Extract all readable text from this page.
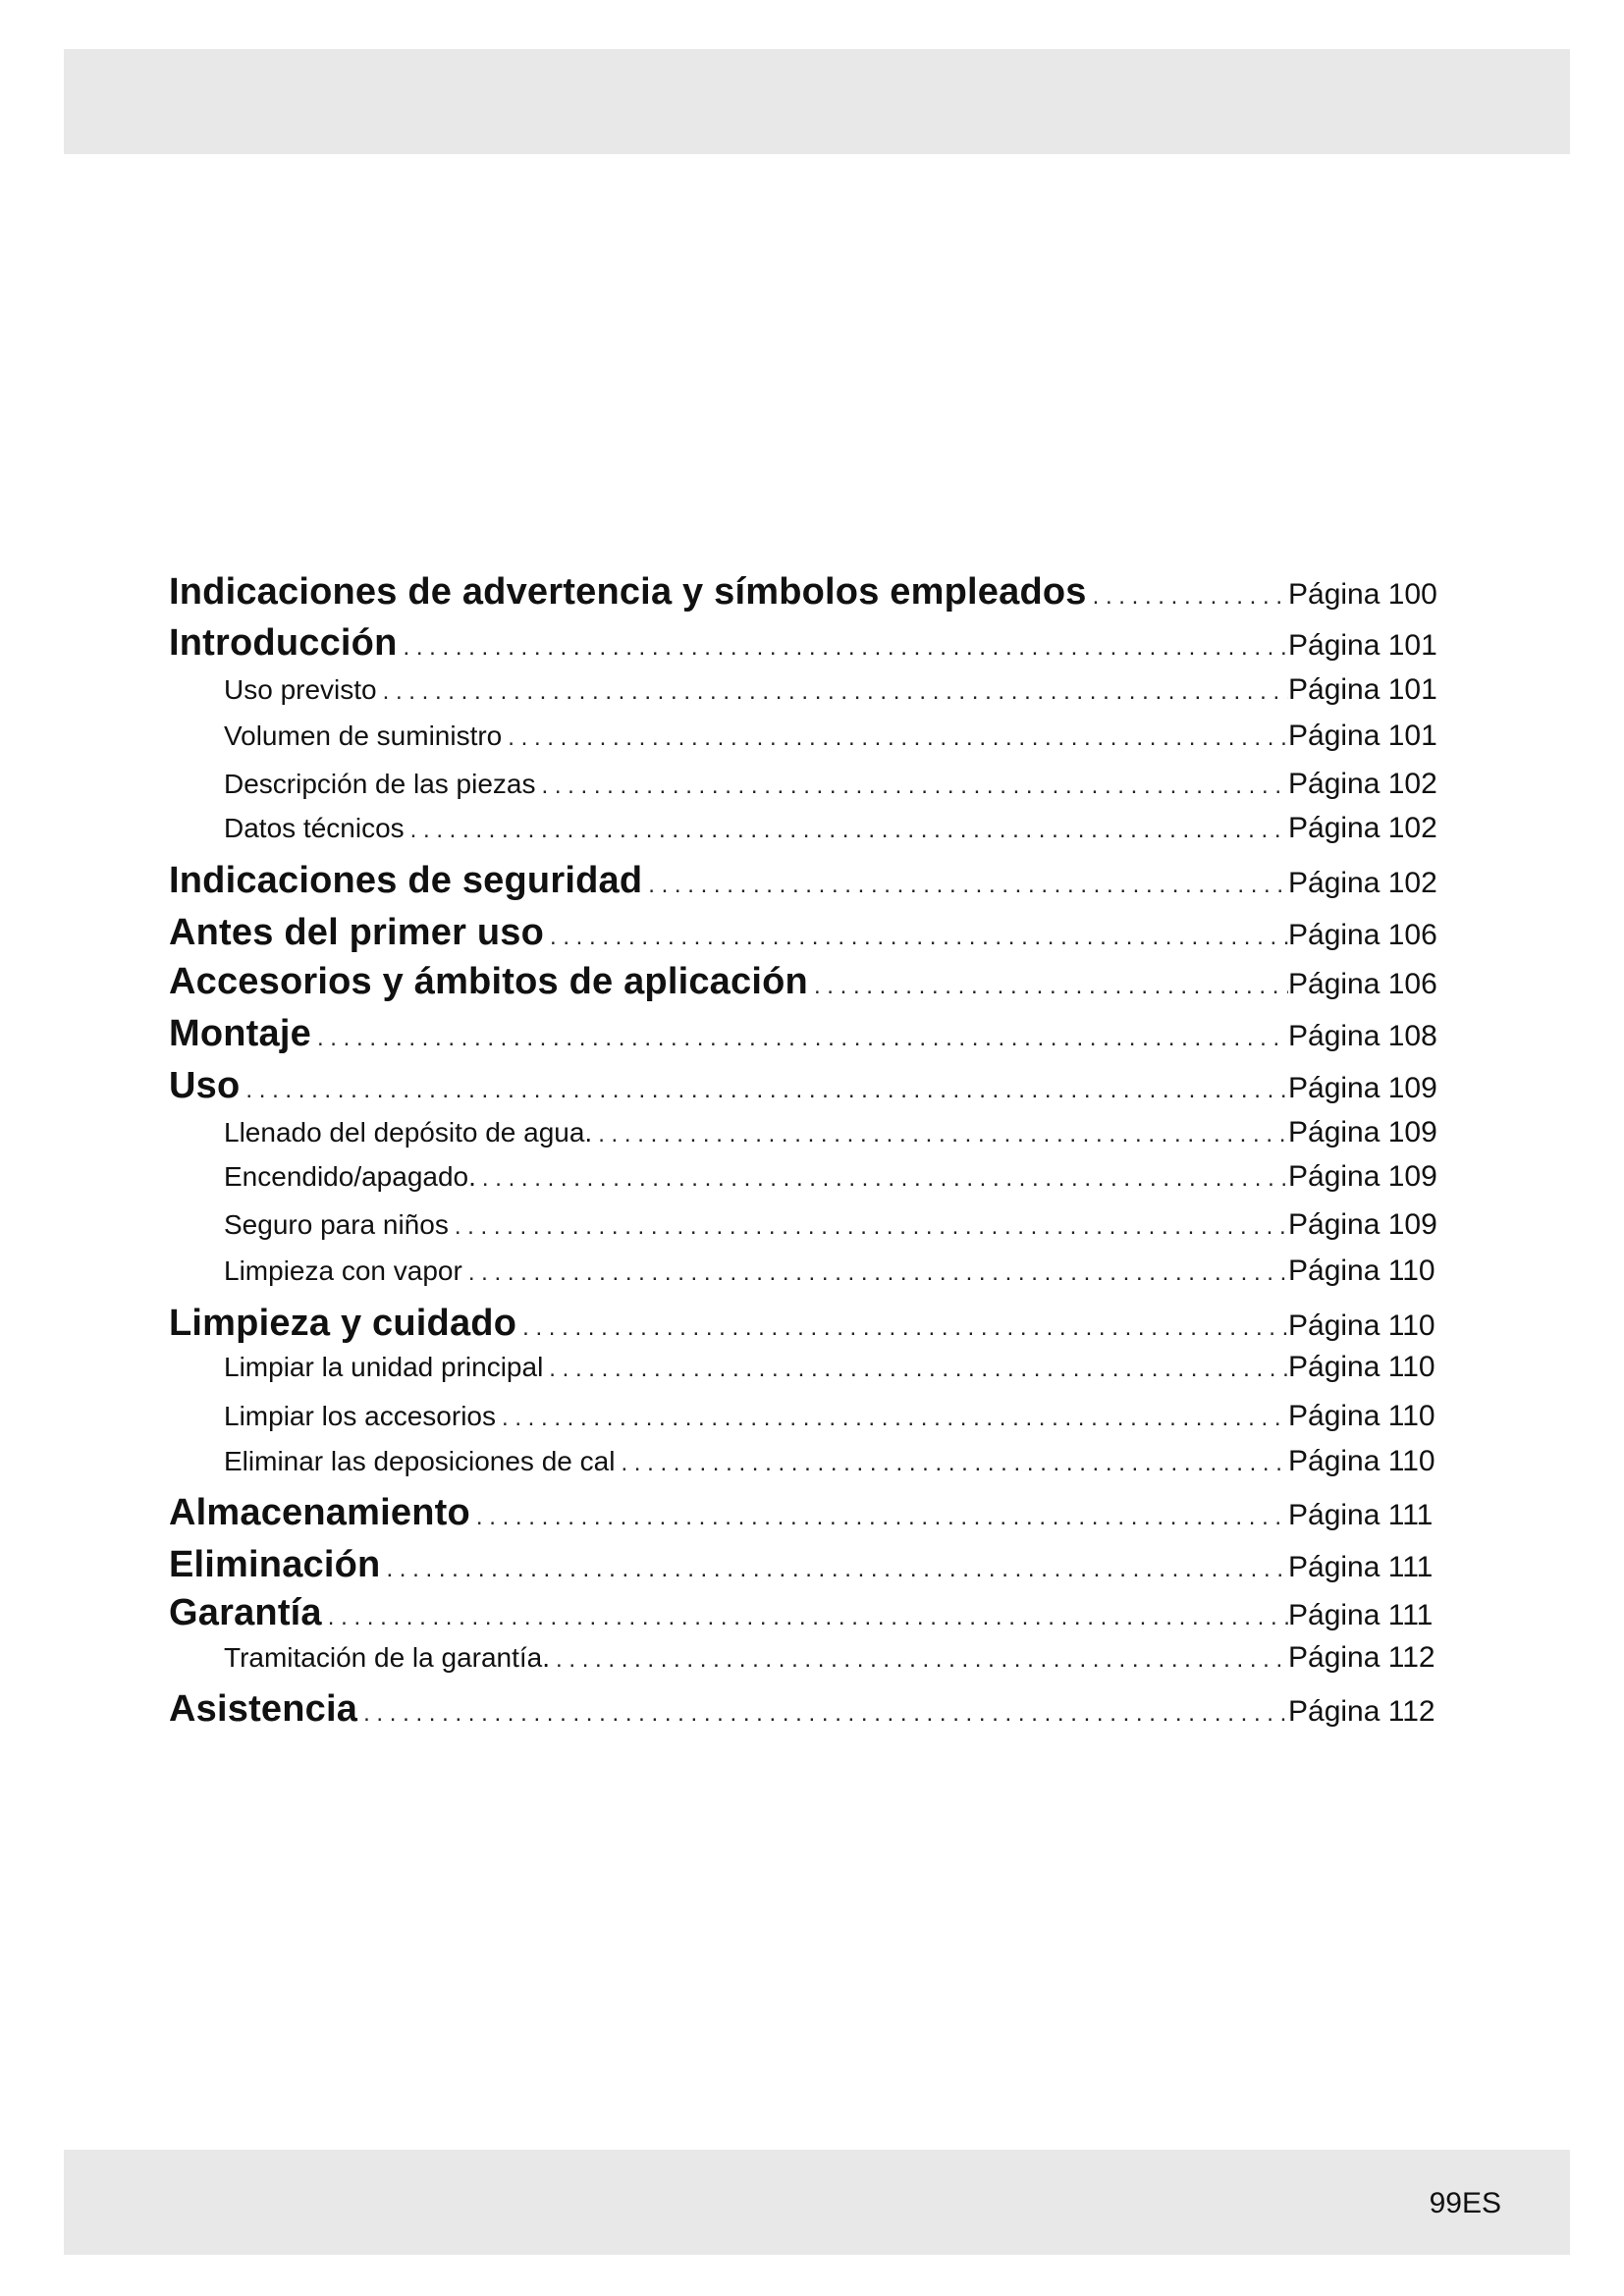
Indicaciones de advertencia y símbolos empleados . . .	Página 100
Introducción . . .	Página 101
Uso previsto . . .	Página 101
Volumen de suministro . . .	Página 101
Descripción de las piezas . . .	Página 102
Datos técnicos . . .	Página 102
Indicaciones de seguridad . . .	Página 102
Antes del primer uso . . .	Página 106
Accesorios y ámbitos de aplicación . . .	Página 106
Montaje . . .	Página 108
Uso . . .	Página 109
Llenado del depósito de agua. . . .	Página 109
Encendido/apagado. . . .	Página 109
Seguro para niños . . .	Página 109
Limpieza con vapor . . .	Página 110
Limpieza y cuidado . . .	Página 110
Limpiar la unidad principal . . .	Página 110
Limpiar los accesorios . . .	Página 110
Eliminar las deposiciones de cal . . .	Página 110
Almacenamiento . . .	Página 111
Eliminación . . .	Página 111
Garantía . . .	Página 111
Tramitación de la garantía. . . .	Página 112
Asistencia . . .	Página 112
99ES
